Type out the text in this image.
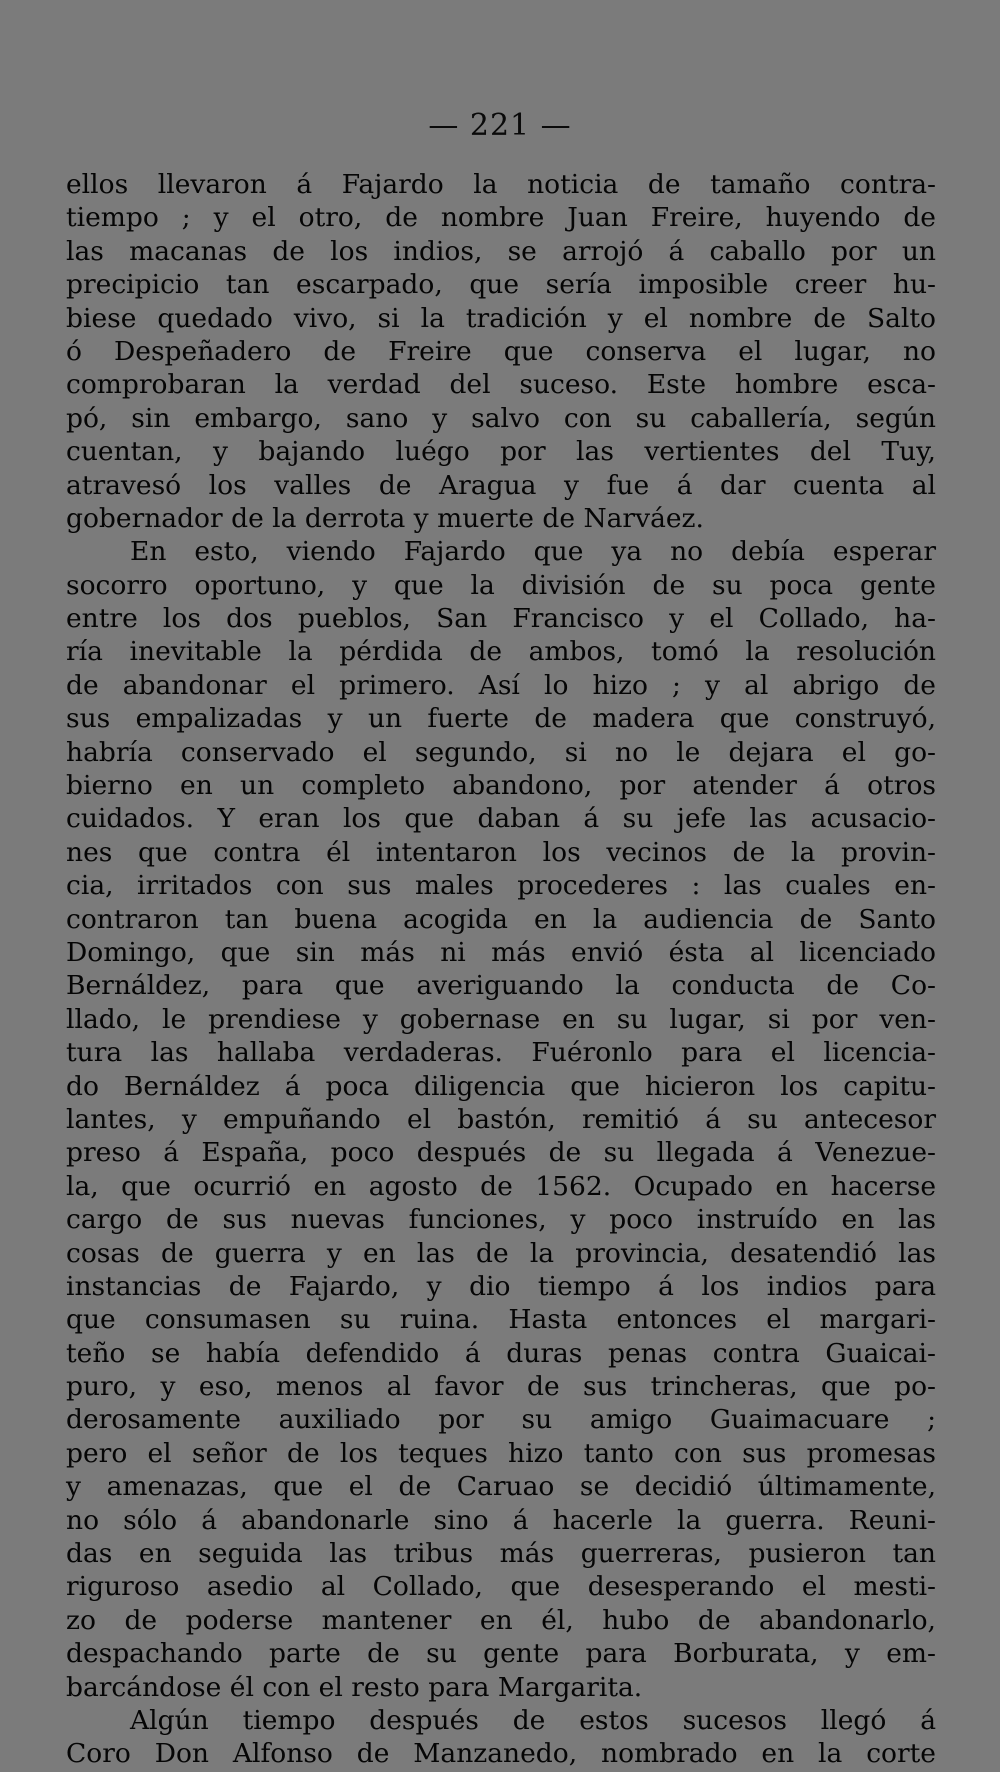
— 221 —
ellos llevaron á Fajardo la noticia de tamaño contra-
tiempo ; y el otro, de nombre Juan Freire, huyendo de
las macanas de los indios, se arrojó á caballo por un
precipicio tan escarpado, que sería imposible creer hu-
biese quedado vivo, si la tradición y el nombre de Salto
ó Despeñadero de Freire que conserva el lugar, no
comprobaran la verdad del suceso. Este hombre esca-
pó, sin embargo, sano y salvo con su caballería, según
cuentan, y bajando luégo por las vertientes del Tuy,
atravesó los valles de Aragua y fue á dar cuenta al
gobernador de la derrota y muerte de Narváez.
En esto, viendo Fajardo que ya no debía esperar
socorro oportuno, y que la división de su poca gente
entre los dos pueblos, San Francisco y el Collado, ha-
ría inevitable la pérdida de ambos, tomó la resolución
de abandonar el primero. Así lo hizo ; y al abrigo de
sus empalizadas y un fuerte de madera que construyó,
habría conservado el segundo, si no le dejara el go-
bierno en un completo abandono, por atender á otros
cuidados. Y eran los que daban á su jefe las acusacio-
nes que contra él intentaron los vecinos de la provin-
cia, irritados con sus males procederes : las cuales en-
contraron tan buena acogida en la audiencia de Santo
Domingo, que sin más ni más envió ésta al licenciado
Bernáldez, para que averiguando la conducta de Co-
llado, le prendiese y gobernase en su lugar, si por ven-
tura las hallaba verdaderas. Fuéronlo para el licencia-
do Bernáldez á poca diligencia que hicieron los capitu-
lantes, y empuñando el bastón, remitió á su antecesor
preso á España, poco después de su llegada á Venezue-
la, que ocurrió en agosto de 1562. Ocupado en hacerse
cargo de sus nuevas funciones, y poco instruído en las
cosas de guerra y en las de la provincia, desatendió las
instancias de Fajardo, y dio tiempo á los indios para
que consumasen su ruina. Hasta entonces el margari-
teño se había defendido á duras penas contra Guaicai-
puro, y eso, menos al favor de sus trincheras, que po-
derosamente auxiliado por su amigo Guaimacuare ;
pero el señor de los teques hizo tanto con sus promesas
y amenazas, que el de Caruao se decidió últimamente,
no sólo á abandonarle sino á hacerle la guerra. Reuni-
das en seguida las tribus más guerreras, pusieron tan
riguroso asedio al Collado, que desesperando el mesti-
zo de poderse mantener en él, hubo de abandonarlo,
despachando parte de su gente para Borburata, y em-
barcándose él con el resto para Margarita.
Algún tiempo después de estos sucesos llegó á
Coro Don Alfonso de Manzanedo, nombrado en la corte
